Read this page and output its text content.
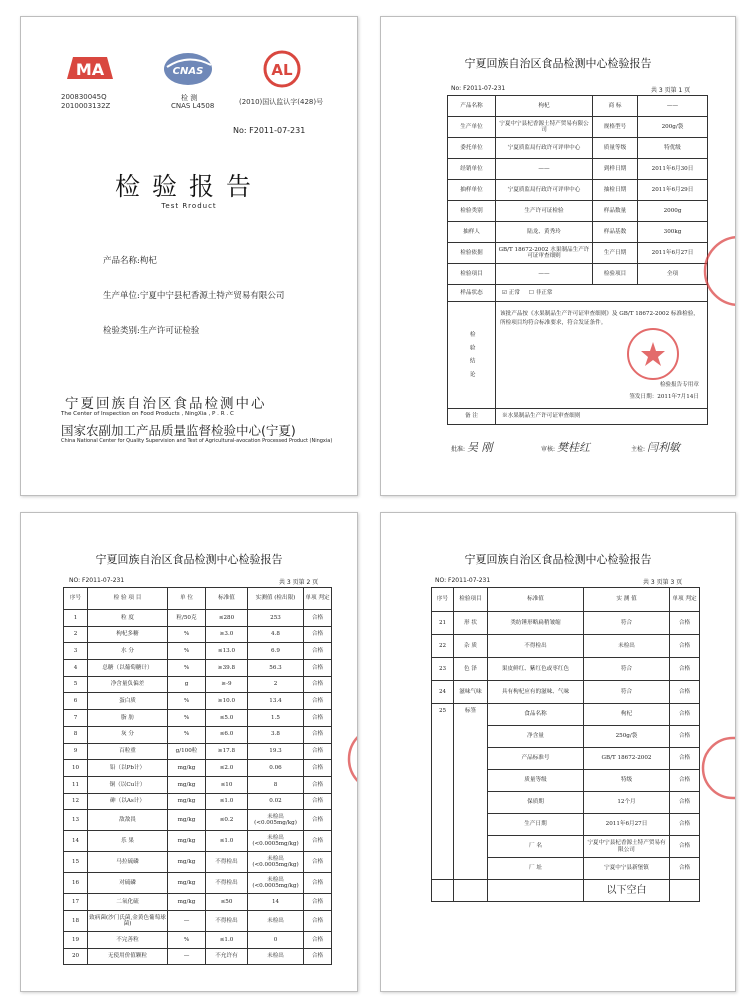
MA
200830045Q
2010003132Z
CNAS
检 测
CNAS L4508
AL
(2010)国认监认字(428)号
No: F2011-07-231
检验报告
Test Rroduct
产品名称:枸杞
生产单位:宁夏中宁县杞香源土特产贸易有限公司
检验类别:生产许可证检验
宁夏回族自治区食品检测中心
The Center of Inspection on Food Products , NingXia , P . R . C
国家农副加工产品质量监督检验中心(宁夏)
China National Center for Quality Supervision and Test of Agricultural-avocation Processed Product (Ningxia)
宁夏回族自治区食品检测中心检验报告
No: F2011-07-231	共 3 页第 1 页
产品名称	枸杞	商 标	——
生产单位	宁夏中宁县杞香源土特产贸易有限公司	规格型号	200g/袋
委托单位	宁夏质监局行政许可评审中心	质量等级	特优级
经销单位	——	到样日期	2011年6月30日
抽样单位	宁夏质监局行政许可评审中心	抽检日期	2011年6月29日
检验类别	生产许可证检验	样品数量	2000g
抽样人	陆龙、黄秀玲	样品基数	300kg
检验依据	GB/T 18672-2002 水果制品生产许可证审查细则	生产日期	2011年6月27日
检验项目	——	检验项目	全项
样品状态	☑ 正常 ☐ 非正常		
检 验 结 论	该批产品按《水果制品生产许可证审查细则》及 GB/T 18672-2002 标准检验，所检项目均符合标准要求，符合发证条件。
检验报告专用章
签发日期：2011年7月14日		

备 注	※水果制品生产许可证审查细则		
批准: 吴 刚	审核: 樊桂红	主检: 闫利敏
宁夏回族自治区食品检测中心检验报告
NO: F2011-07-231	共 3 页第 2 页
序号	检 验 项 目	单 位	标准值	实测值 (检出限)	单项 判定
1	粒 度	粒/50克	≤280	253	合格
2	枸杞多糖	%	≥3.0	4.8	合格
3	水 分	%	≤13.0	6.9	合格
4	总糖（以葡萄糖计）	%	≥39.8	56.3	合格
5	净含量负偏差	g	≥-9	2	合格
6	蛋白质	%	≥10.0	13.4	合格
7	脂 肪	%	≤5.0	1.5	合格
8	灰 分	%	≤6.0	3.8	合格
9	百粒重	g/100粒	≥17.8	19.3	合格
10	铅（以Pb计）	mg/kg	≤2.0	0.06	合格
11	铜（以Cu计）	mg/kg	≤10	8	合格
12	砷（以As计）	mg/kg	≤1.0	0.02	合格
13	敌敌畏	mg/kg	≤0.2	未检出 (<0.005mg/kg)	合格
14	乐 果	mg/kg	≤1.0	未检出 (<0.0005mg/kg)	合格
15	马拉硫磷	mg/kg	不得检出	未检出 (<0.0005mg/kg)	合格
16	对硫磷	mg/kg	不得检出	未检出 (<0.0005mg/kg)	合格
17	二氧化硫	mg/kg	≤50	14	合格
18	致病菌(沙门氏菌,金黄色葡萄球菌)	—	不得检出	未检出	合格
19	不完善粒	%	≤1.0	0	合格
20	无使用价值颗粒	—	不允许有	未检出	合格
宁夏回族自治区食品检测中心检验报告
NO: F2011-07-231	共 3 页第 3 页
序号	检验项目	标准值	实 测 值	单项 判定
21	形 状	类纺锤形略扁稍皱缩	符合	合格
22	杂 质	不得检出	未检出	合格
23	色 泽	果皮鲜红、紫红色或枣红色	符合	合格
24	滋味气味	具有枸杞应有的滋味、气味	符合	合格
25	标签	食品名称	枸杞	合格
		净含量	250g/袋	合格
		产品标准号	GB/T 18672-2002	合格
		质量等级	特级	合格
		保质期	12个月	合格
		生产日期	2011年6月27日	合格
		厂 名	宁夏中宁县杞香源土特产贸易有限公司	合格
		厂 址	宁夏中宁县新堡镇	合格
			以下空白	
